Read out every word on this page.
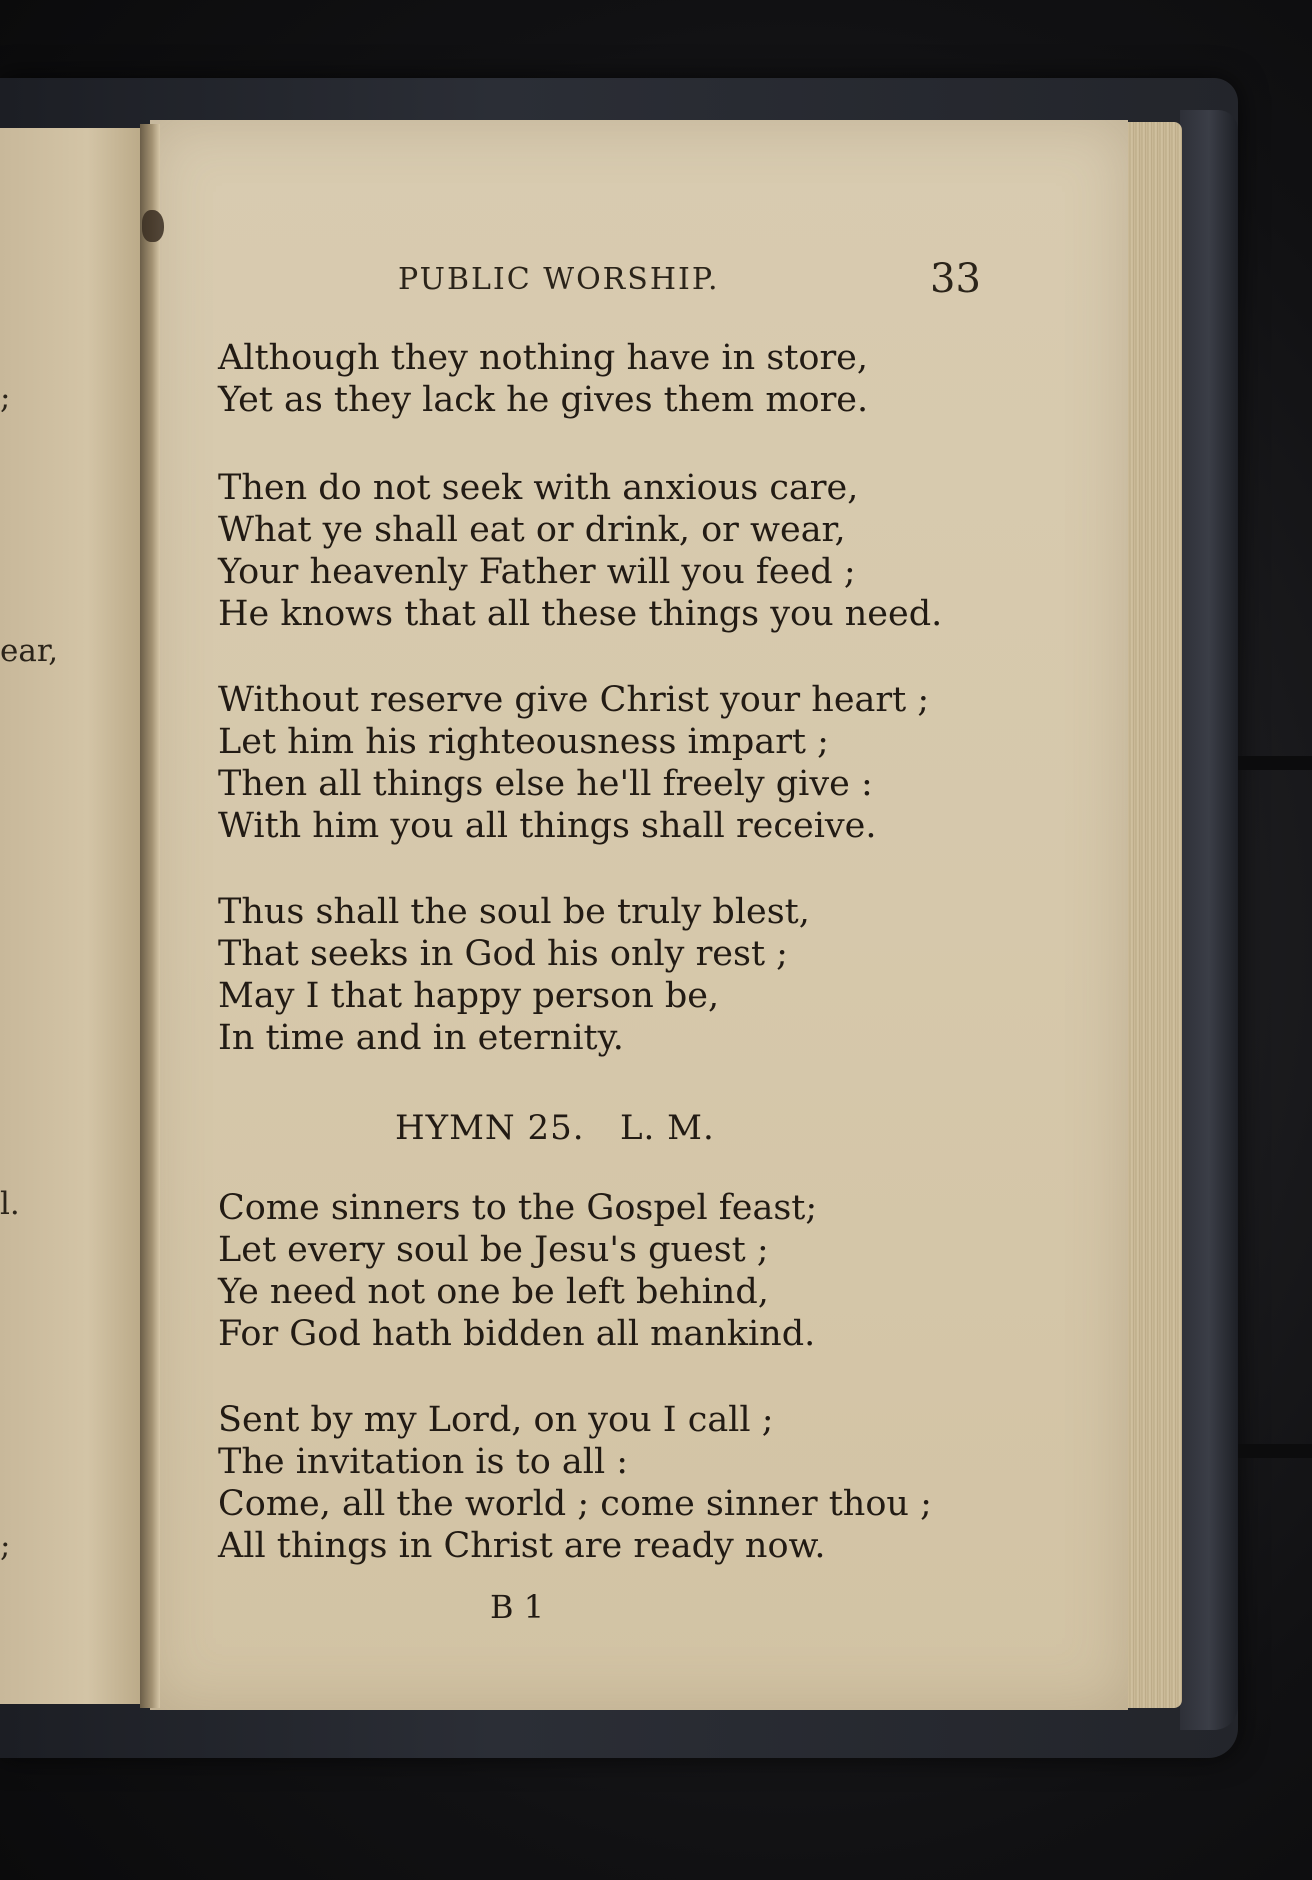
;
ear,
l.
;
PUBLIC WORSHIP.	33
Although they nothing have in store,
Yet as they lack he gives them more.
Then do not seek with anxious care,
What ye shall eat or drink, or wear,
Your heavenly Father will you feed ;
He knows that all these things you need.
Without reserve give Christ your heart ;
Let him his righteousness impart ;
Then all things else he'll freely give :
With him you all things shall receive.
Thus shall the soul be truly blest,
That seeks in God his only rest ;
May I that happy person be,
In time and in eternity.
Come sinners to the Gospel feast;
Let every soul be Jesu's guest ;
Ye need not one be left behind,
For God hath bidden all mankind.
Sent by my Lord, on you I call ;
The invitation is to all :
Come, all the world ; come sinner thou ;
All things in Christ are ready now.
HYMN 25.   L. M.
B 1
